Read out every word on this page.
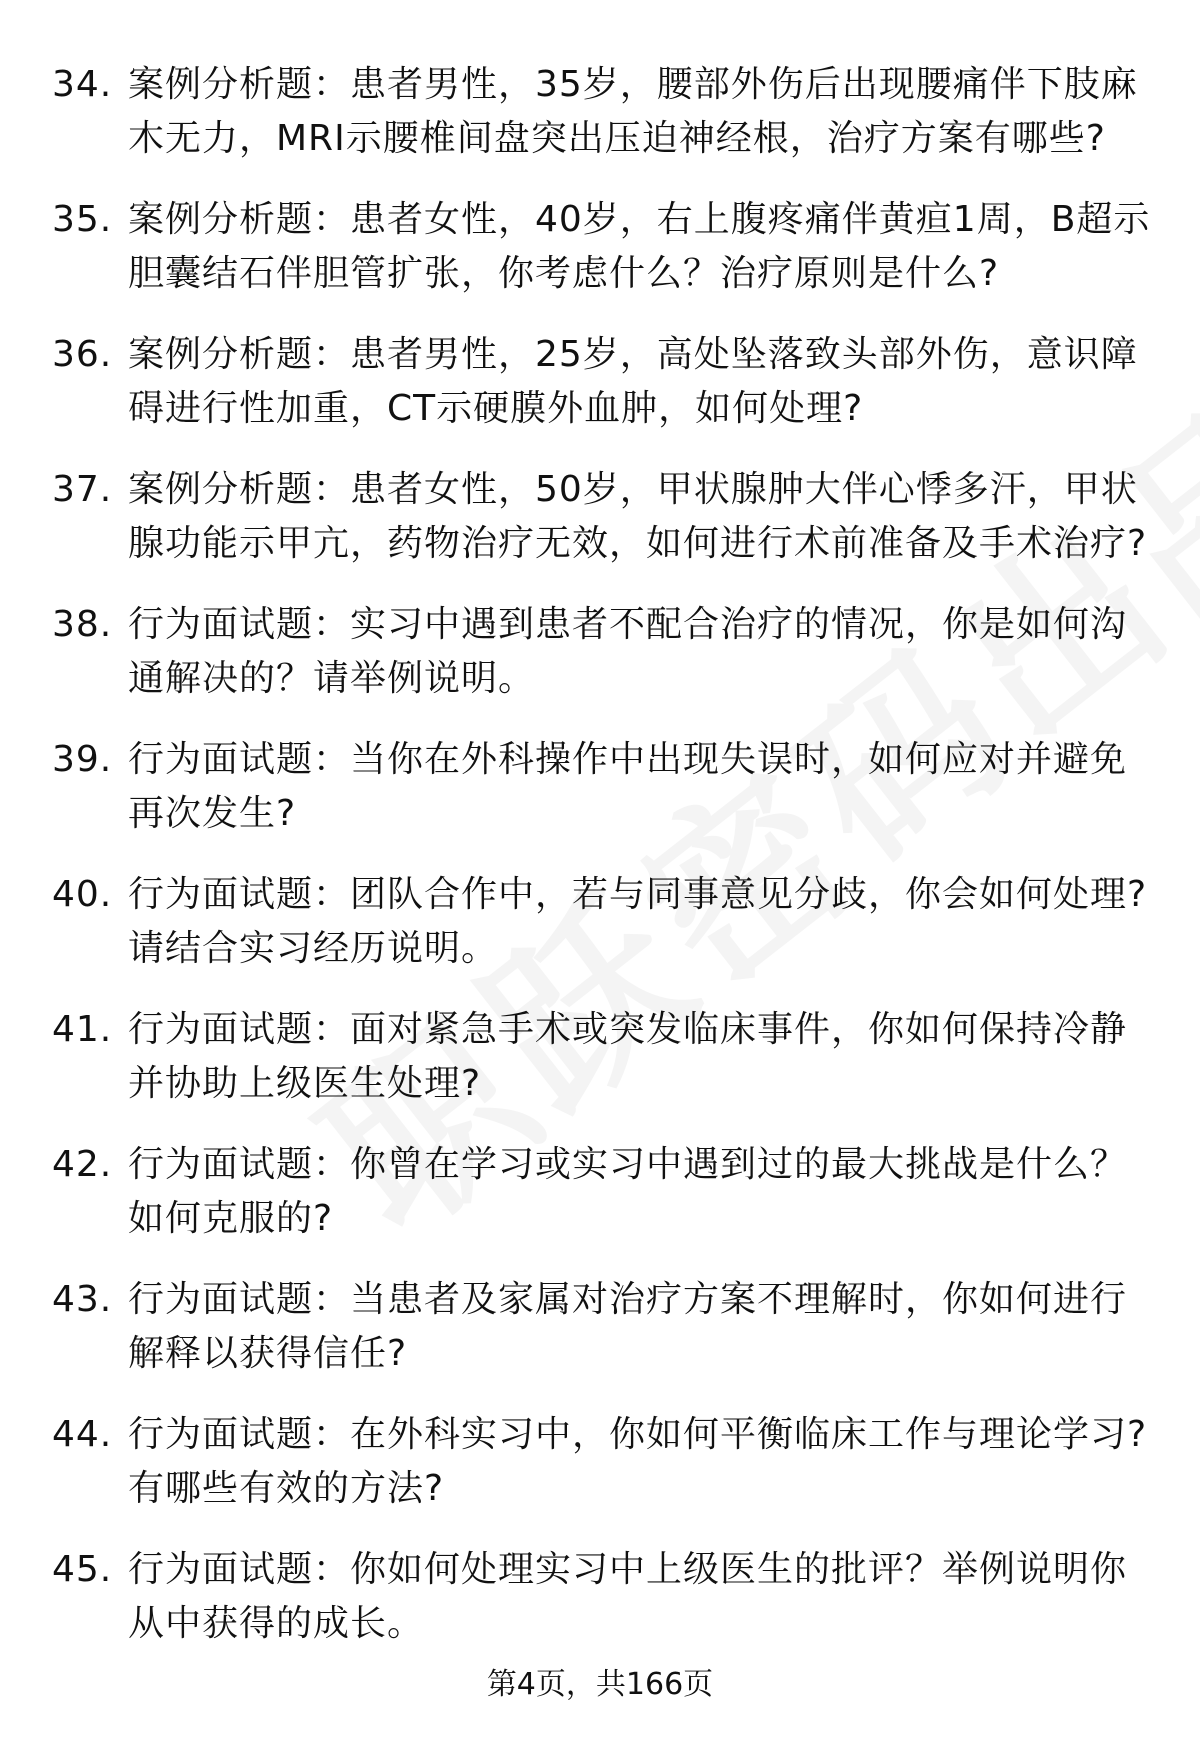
34. 案例分析题：患者男性，35岁，腰部外伤后出现腰痛伴下肢麻木无力，MRI示腰椎间盘突出压迫神经根，治疗方案有哪些?
35. 案例分析题：患者女性，40岁，右上腹疼痛伴黄疸1周，B超示胆囊结石伴胆管扩张，你考虑什么？治疗原则是什么?
36. 案例分析题：患者男性，25岁，高处坠落致头部外伤，意识障碍进行性加重，CT示硬膜外血肿，如何处理?
37. 案例分析题：患者女性，50岁，甲状腺肿大伴心悸多汗，甲状腺功能示甲亢，药物治疗无效，如何进行术前准备及手术治疗?
38. 行为面试题：实习中遇到患者不配合治疗的情况，你是如何沟通解决的？请举例说明。
39. 行为面试题：当你在外科操作中出现失误时，如何应对并避免再次发生?
40. 行为面试题：团队合作中，若与同事意见分歧，你会如何处理?请结合实习经历说明。
41. 行为面试题：面对紧急手术或突发临床事件，你如何保持冷静并协助上级医生处理?
42. 行为面试题：你曾在学习或实习中遇到过的最大挑战是什么？如何克服的?
43. 行为面试题：当患者及家属对治疗方案不理解时，你如何进行解释以获得信任?
44. 行为面试题：在外科实习中，你如何平衡临床工作与理论学习?有哪些有效的方法?
45. 行为面试题：你如何处理实习中上级医生的批评？举例说明你从中获得的成长。
第4页，共166页
